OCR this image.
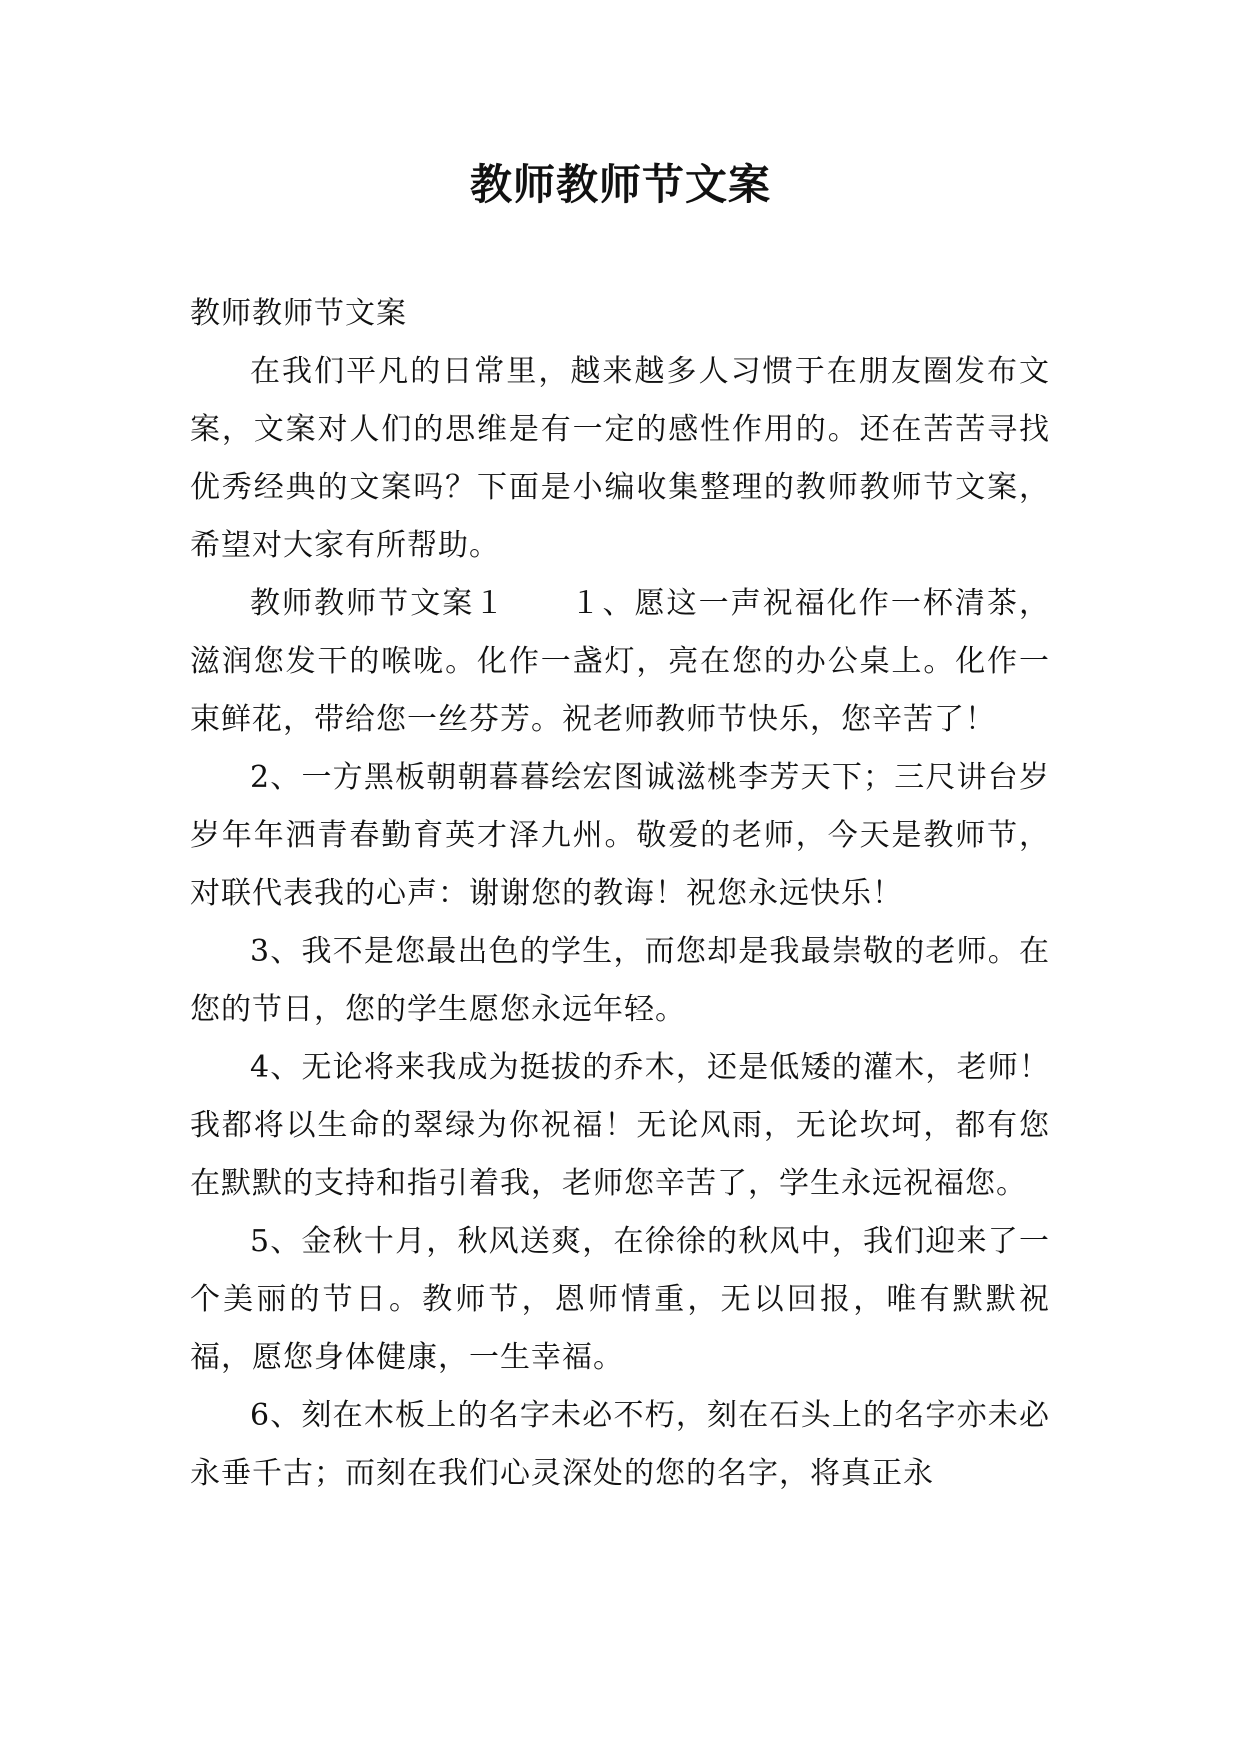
教师教师节文案

教师教师节文案

在我们平凡的日常里，越来越多人习惯于在朋友圈发布文案，文案对人们的思维是有一定的感性作用的。还在苦苦寻找优秀经典的文案吗？下面是小编收集整理的教师教师节文案，希望对大家有所帮助。

教师教师节文案１　　１、愿这一声祝福化作一杯清茶，滋润您发干的喉咙。化作一盏灯，亮在您的办公桌上。化作一束鲜花，带给您一丝芬芳。祝老师教师节快乐，您辛苦了！

2、一方黑板朝朝暮暮绘宏图诚滋桃李芳天下；三尺讲台岁岁年年洒青春勤育英才泽九州。敬爱的老师，今天是教师节，对联代表我的心声：谢谢您的教诲！祝您永远快乐！

3、我不是您最出色的学生，而您却是我最崇敬的老师。在您的节日，您的学生愿您永远年轻。

4、无论将来我成为挺拔的乔木，还是低矮的灌木，老师！我都将以生命的翠绿为你祝福！无论风雨，无论坎坷，都有您在默默的支持和指引着我，老师您辛苦了，学生永远祝福您。

5、金秋十月，秋风送爽，在徐徐的秋风中，我们迎来了一个美丽的节日。教师节，恩师情重，无以回报，唯有默默祝福，愿您身体健康，一生幸福。

6、刻在木板上的名字未必不朽，刻在石头上的名字亦未必永垂千古；而刻在我们心灵深处的您的名字，将真正永
